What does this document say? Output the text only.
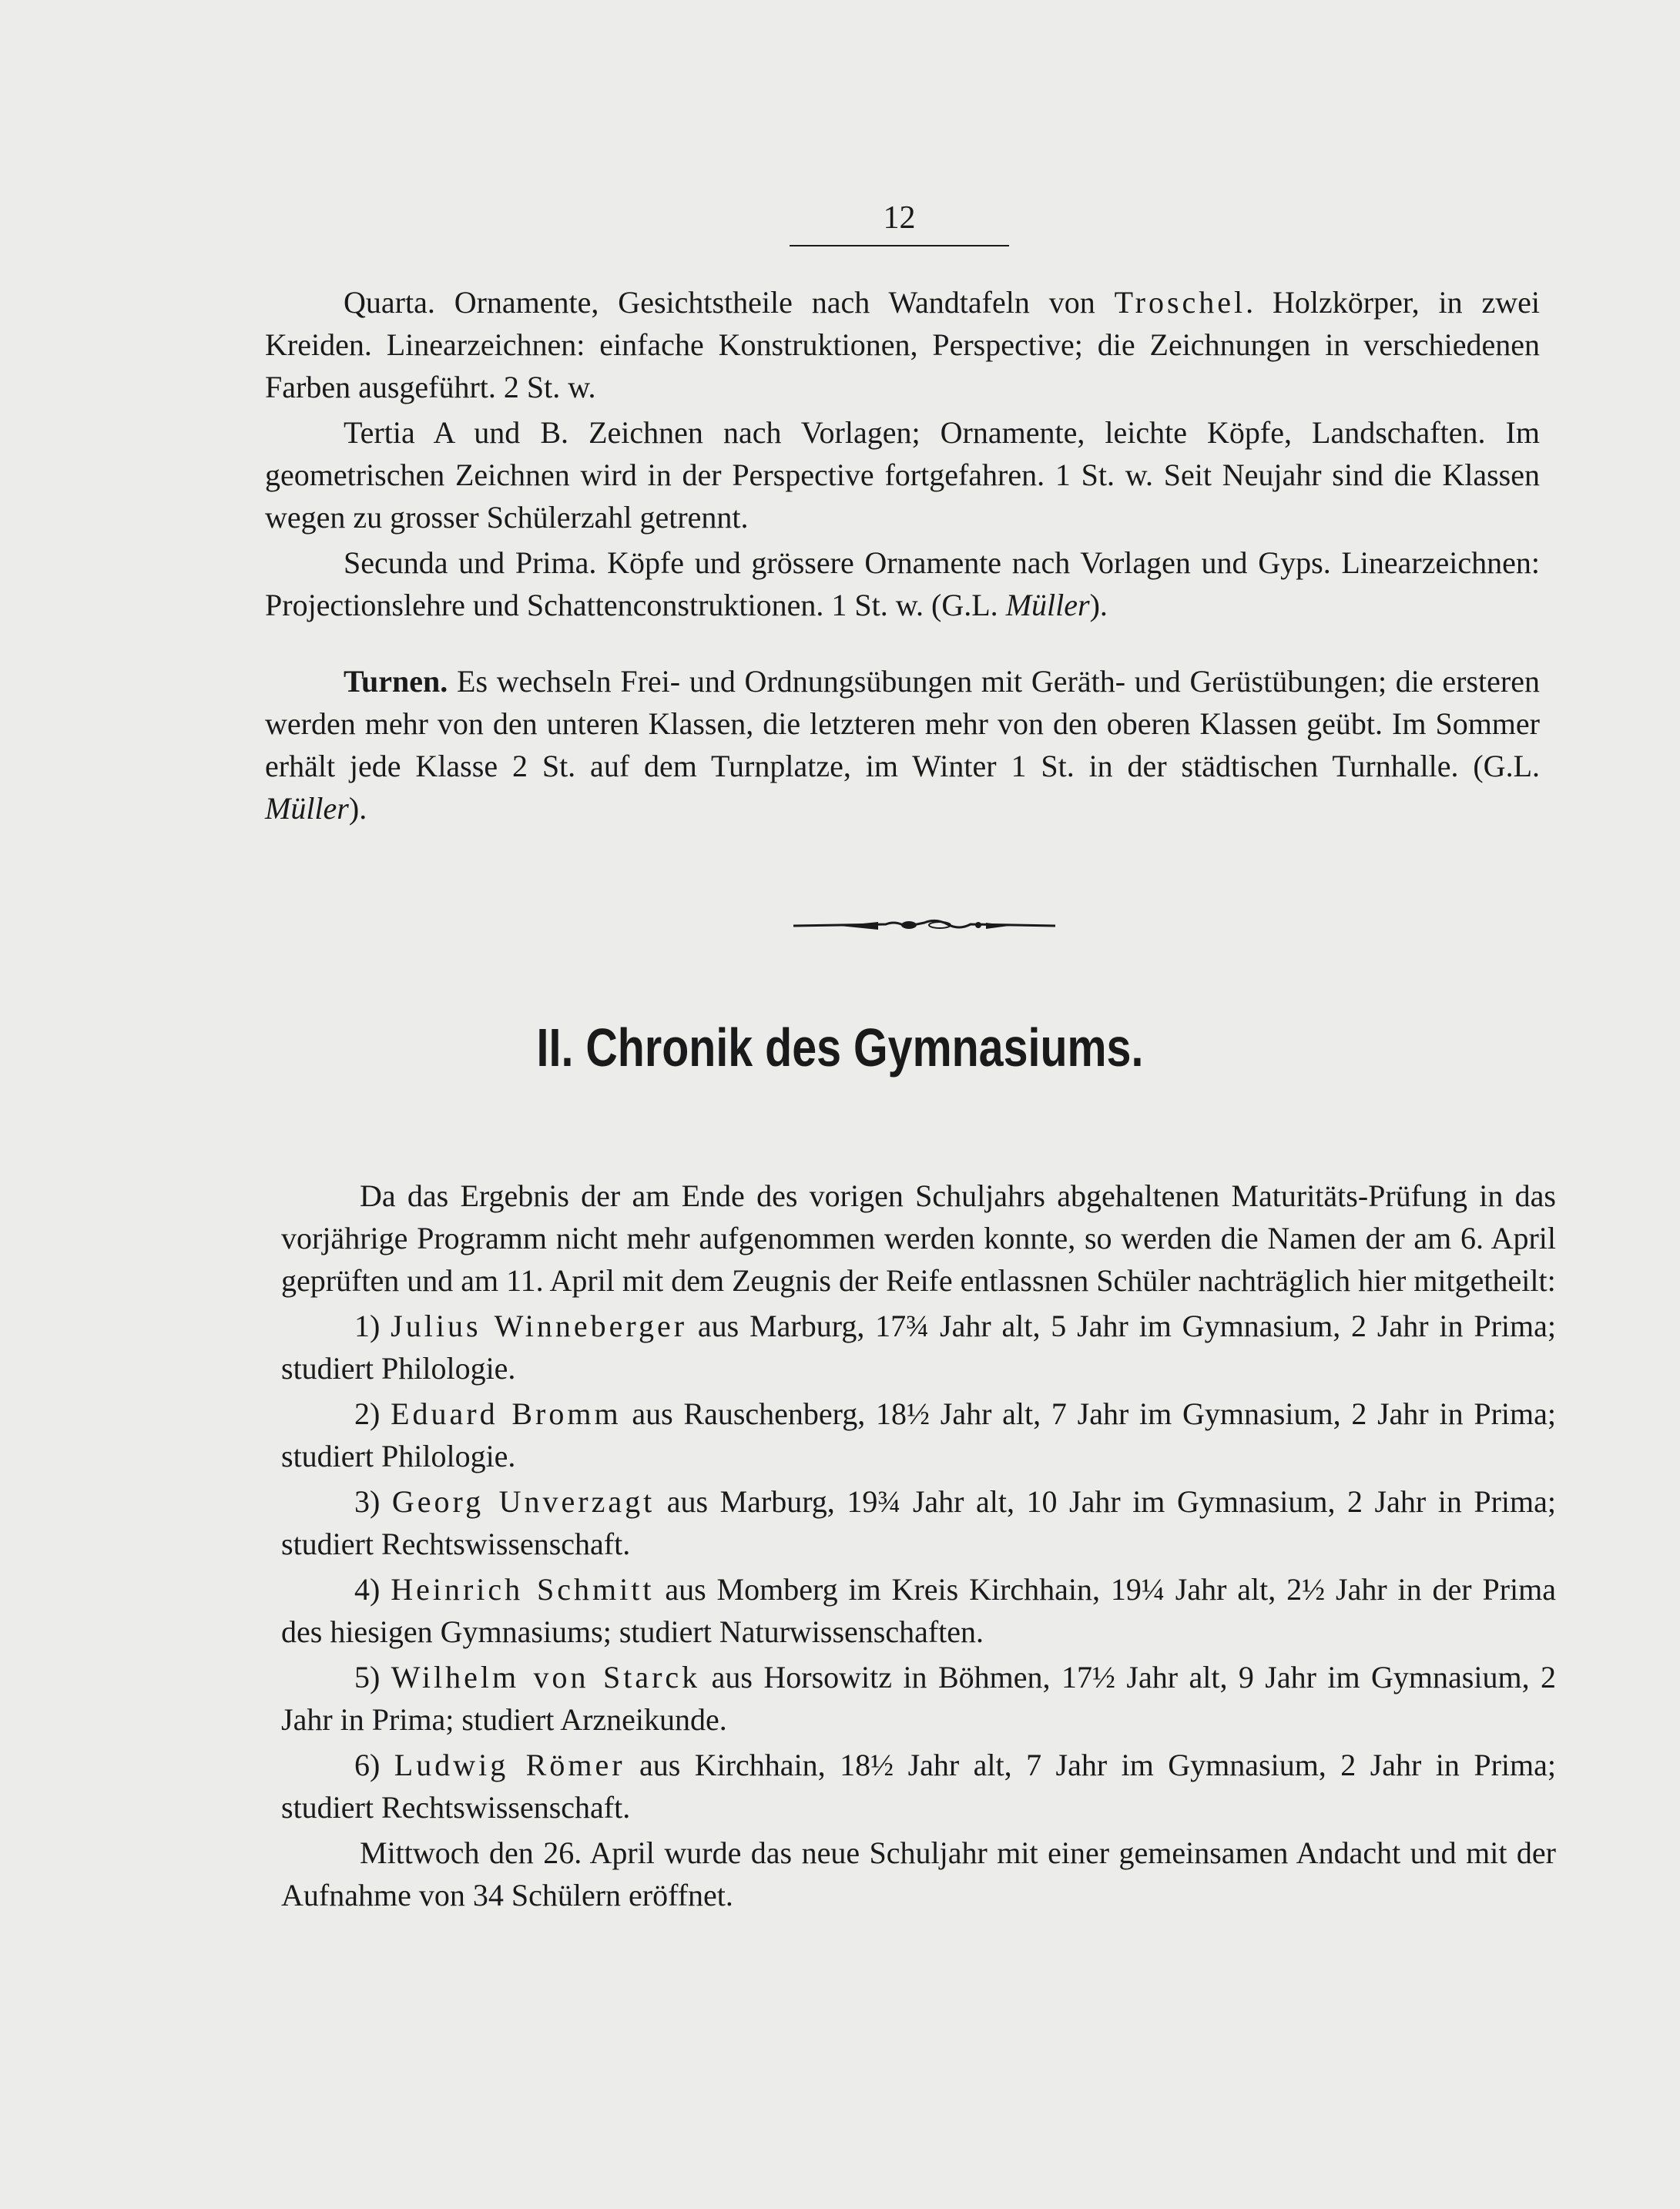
12

Quarta. Ornamente, Gesichtstheile nach Wandtafeln von Troschel. Holzkörper, in zwei Kreiden. Linearzeichnen: einfache Konstruktionen, Perspective; die Zeichnungen in verschiedenen Farben ausgeführt. 2 St. w.

Tertia A und B. Zeichnen nach Vorlagen; Ornamente, leichte Köpfe, Landschaften. Im geometrischen Zeichnen wird in der Perspective fortgefahren. 1 St. w. Seit Neujahr sind die Klassen wegen zu grosser Schülerzahl getrennt.

Secunda und Prima. Köpfe und grössere Ornamente nach Vorlagen und Gyps. Linearzeichnen: Projectionslehre und Schattenconstruktionen. 1 St. w. (G.L. Müller).

Turnen. Es wechseln Frei- und Ordnungsübungen mit Geräth- und Gerüstübungen; die ersteren werden mehr von den unteren Klassen, die letzteren mehr von den oberen Klassen geübt. Im Sommer erhält jede Klasse 2 St. auf dem Turnplatze, im Winter 1 St. in der städtischen Turnhalle. (G.L. Müller).

II. Chronik des Gymnasiums.

Da das Ergebnis der am Ende des vorigen Schuljahrs abgehaltenen Maturitäts-Prüfung in das vorjährige Programm nicht mehr aufgenommen werden konnte, so werden die Namen der am 6. April geprüften und am 11. April mit dem Zeugnis der Reife entlassnen Schüler nachträglich hier mitgetheilt:

1) Julius Winneberger aus Marburg, 17¾ Jahr alt, 5 Jahr im Gymnasium, 2 Jahr in Prima; studiert Philologie.

2) Eduard Bromm aus Rauschenberg, 18½ Jahr alt, 7 Jahr im Gymnasium, 2 Jahr in Prima; studiert Philologie.

3) Georg Unverzagt aus Marburg, 19¾ Jahr alt, 10 Jahr im Gymnasium, 2 Jahr in Prima; studiert Rechtswissenschaft.

4) Heinrich Schmitt aus Momberg im Kreis Kirchhain, 19¼ Jahr alt, 2½ Jahr in der Prima des hiesigen Gymnasiums; studiert Naturwissenschaften.

5) Wilhelm von Starck aus Horsowitz in Böhmen, 17½ Jahr alt, 9 Jahr im Gymnasium, 2 Jahr in Prima; studiert Arzneikunde.

6) Ludwig Römer aus Kirchhain, 18½ Jahr alt, 7 Jahr im Gymnasium, 2 Jahr in Prima; studiert Rechtswissenschaft.

Mittwoch den 26. April wurde das neue Schuljahr mit einer gemeinsamen Andacht und mit der Aufnahme von 34 Schülern eröffnet.
